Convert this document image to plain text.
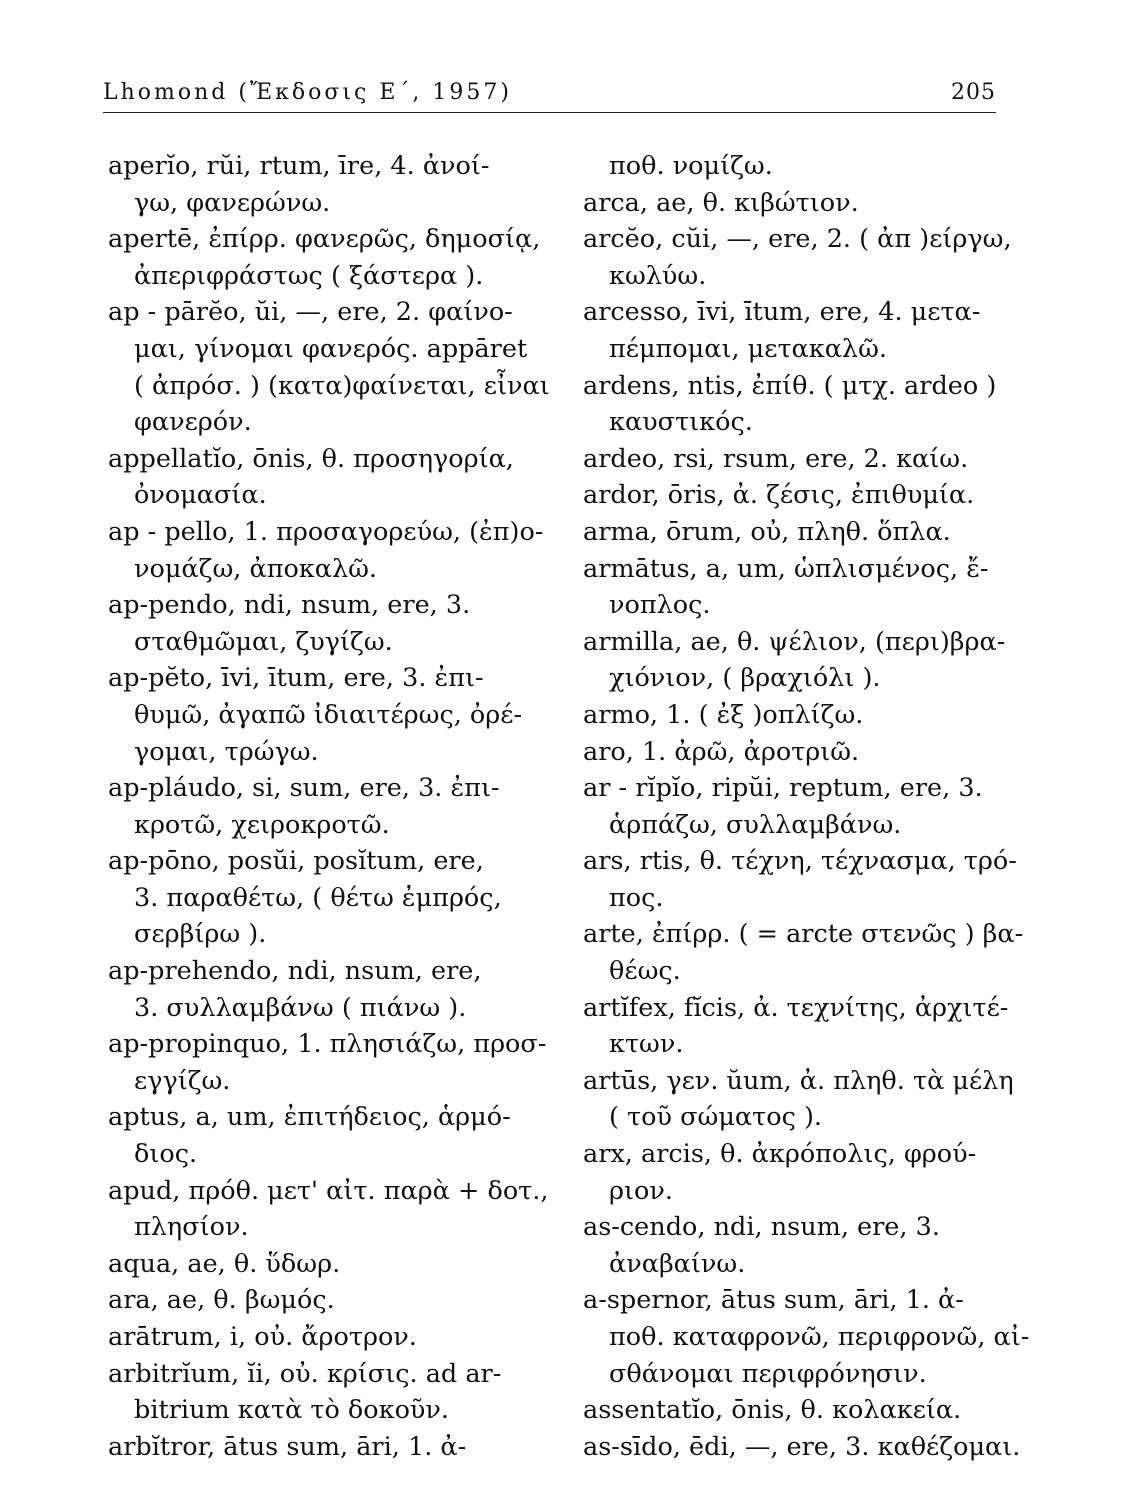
Lhomond (Ἔκδοσις Ε΄, 1957)	205
aperĭo, rŭi, rtum, īre, 4. ἀνοί-
γω, φανερώνω.
apertē, ἐπίρρ. φανερῶς, δημοσίᾳ,
ἀπεριφράστως ( ξάστερα ).
ap - pārĕo, ŭi, —, ere, 2. φαίνο-
μαι, γίνομαι φανερός. appāret
( ἀπρόσ. ) (κατα)φαίνεται, εἶναι
φανερόν.
appellatĭo, ōnis, θ. προσηγορία,
ὀνομασία.
ap - pello, 1. προσαγορεύω, (ἐπ)ο-
νομάζω, ἀποκαλῶ.
ap-pendo, ndi, nsum, ere, 3.
σταθμῶμαι, ζυγίζω.
ap-pĕto, īvi, ītum, ere, 3. ἐπι-
θυμῶ, ἀγαπῶ ἰδιαιτέρως, ὀρέ-
γομαι, τρώγω.
ap-pláudo, si, sum, ere, 3. ἐπι-
κροτῶ, χειροκροτῶ.
ap-pōno, posŭi, posĭtum, ere,
3. παραθέτω, ( θέτω ἐμπρός,
σερβίρω ).
ap-prehendo, ndi, nsum, ere,
3. συλλαμβάνω ( πιάνω ).
ap-propinquo, 1. πλησιάζω, προσ-
εγγίζω.
aptus, a, um, ἐπιτήδειος, ἁρμό-
διος.
apud, πρόθ. μετ' αἰτ. παρὰ + δοτ.,
πλησίον.
aqua, ae, θ. ὕδωρ.
ara, ae, θ. βωμός.
arātrum, i, οὐ. ἄροτρον.
arbitrĭum, ĭi, οὐ. κρίσις. ad ar-
bitrium κατὰ τὸ δοκοῦν.
arbĭtror, ātus sum, āri, 1. ἀ-
ποθ. νομίζω.
arca, ae, θ. κιβώτιον.
arcĕo, cŭi, —, ere, 2. ( ἀπ )είργω,
κωλύω.
arcesso, īvi, ītum, ere, 4. μετα-
πέμπομαι, μετακαλῶ.
ardens, ntis, ἐπίθ. ( μτχ. ardeo )
καυστικός.
ardeo, rsi, rsum, ere, 2. καίω.
ardor, ōris, ἀ. ζέσις, ἐπιθυμία.
arma, ōrum, οὐ, πληθ. ὅπλα.
armātus, a, um, ὡπλισμένος, ἔ-
νοπλος.
armilla, ae, θ. ψέλιον, (περι)βρα-
χιόνιον, ( βραχιόλι ).
armo, 1. ( ἐξ )οπλίζω.
aro, 1. ἀρῶ, ἀροτριῶ.
ar - rĭpĭo, ripŭi, reptum, ere, 3.
ἁρπάζω, συλλαμβάνω.
ars, rtis, θ. τέχνη, τέχνασμα, τρό-
πος.
arte, ἐπίρρ. ( = arcte στενῶς ) βα-
θέως.
artĭfex, fĭcis, ἀ. τεχνίτης, ἀρχιτέ-
κτων.
artūs, γεν. ŭum, ἀ. πληθ. τὰ μέλη
( τοῦ σώματος ).
arx, arcis, θ. ἀκρόπολις, φρού-
ριον.
as-cendo, ndi, nsum, ere, 3.
ἀναβαίνω.
a-spernor, ātus sum, āri, 1. ἀ-
ποθ. καταφρονῶ, περιφρονῶ, αἰ-
σθάνομαι περιφρόνησιν.
assentatĭo, ōnis, θ. κολακεία.
as-sīdo, ēdi, —, ere, 3. καθέζομαι.
